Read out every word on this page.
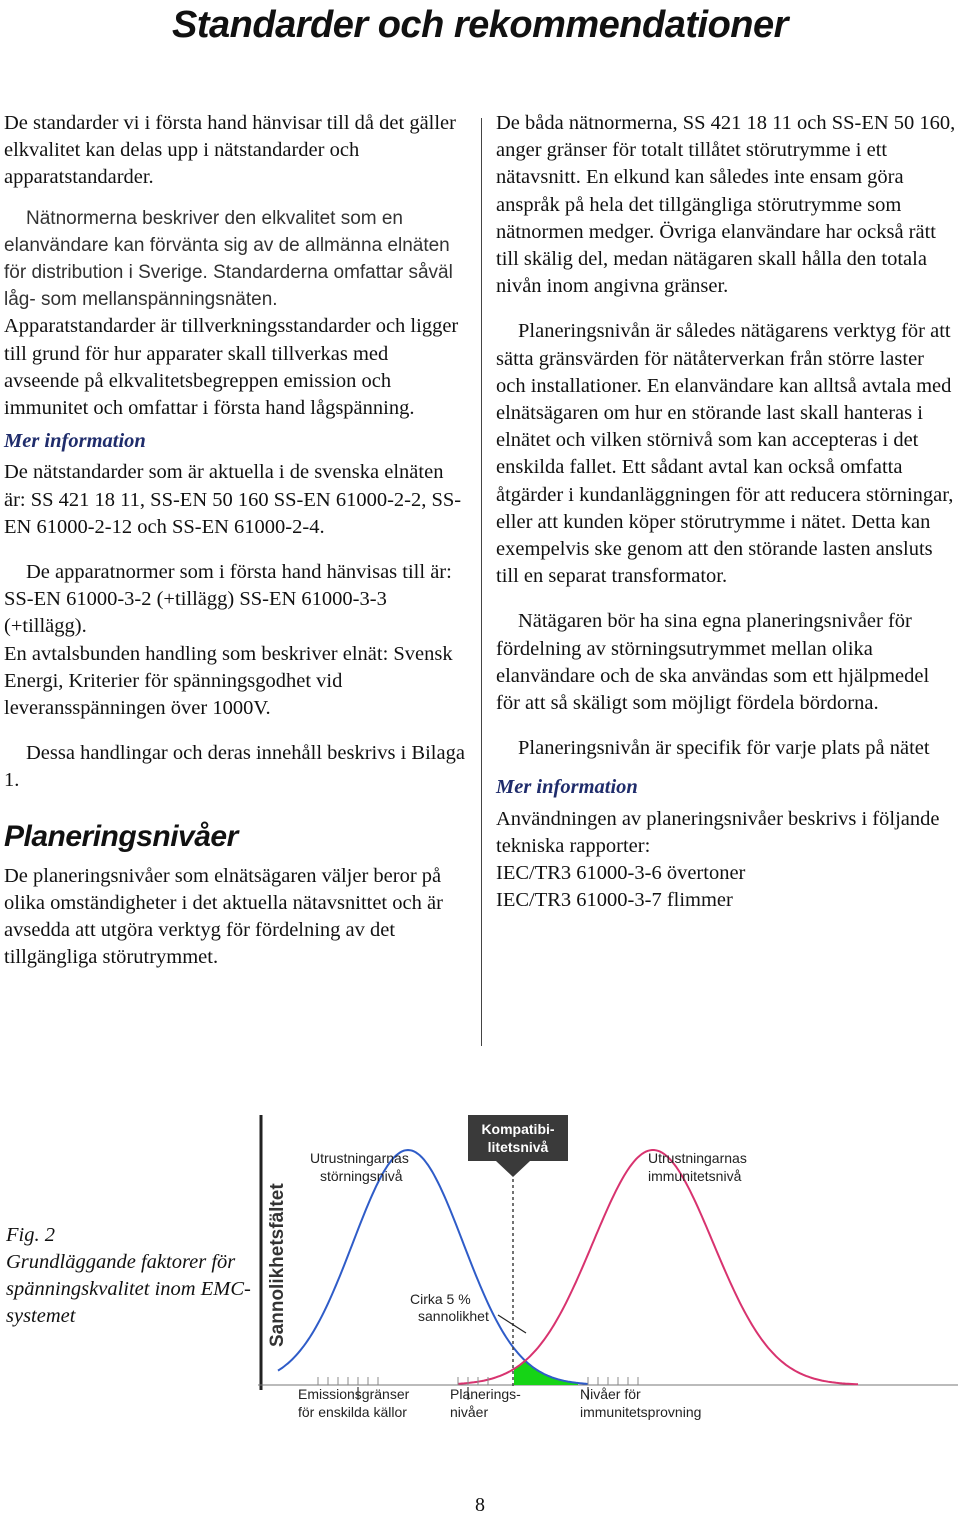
Standarder och rekommendationer

De standarder vi i första hand hänvisar till då det gäller elkvalitet kan delas upp i nätstandarder och apparatstandarder.

Nätnormerna beskriver den elkvalitet som en elanvändare kan förvänta sig av de allmänna elnäten för distribution i Sverige. Standarderna omfattar såväl låg- som mellanspänningsnäten.

Apparatstandarder är tillverkningsstandarder och ligger till grund för hur apparater skall tillverkas med avseende på elkvalitetsbegreppen emission och immunitet och omfattar i första hand lågspänning.

Mer information

De nätstandarder som är aktuella i de svenska elnäten är: SS 421 18 11, SS-EN 50 160 SS-EN 61000-2-2, SS-EN 61000-2-12 och SS-EN 61000-2-4.

De apparatnormer som i första hand hänvisas till är: SS-EN 61000-3-2 (+tillägg) SS-EN 61000-3-3 (+tillägg).

En avtalsbunden handling som beskriver elnät: Svensk Energi, Kriterier för spänningsgodhet vid leveransspänningen över 1000V.

Dessa handlingar och deras innehåll beskrivs i Bilaga 1.

Planeringsnivåer

De planeringsnivåer som elnätsägaren väljer beror på olika omständigheter i det aktuella nätavsnittet och är avsedda att utgöra verktyg för fördelning av det tillgängliga störutrymmet.

De båda nätnormerna, SS 421 18 11 och SS-EN 50 160, anger gränser för totalt tillåtet störutrymme i ett nätavsnitt. En elkund kan således inte ensam göra anspråk på hela det tillgängliga störutrymme som nätnormen medger. Övriga elanvändare har också rätt till skälig del, medan nätägaren skall hålla den totala nivån inom angivna gränser.

Planeringsnivån är således nätägarens verktyg för att sätta gränsvärden för nätåterverkan från större laster och installationer. En elanvändare kan alltså avtala med elnätsägaren om hur en störande last skall hanteras i elnätet och vilken störnivå som kan accepteras i det enskilda fallet. Ett sådant avtal kan också omfatta åtgärder i kundanläggningen för att reducera störningar, eller att kunden köper störutrymme i nätet. Detta kan exempelvis ske genom att den störande lasten ansluts till en separat transformator.

Nätägaren bör ha sina egna planeringsnivåer för fördelning av störningsutrymmet mellan olika elanvändare och de ska användas som ett hjälpmedel för att så skäligt som möjligt fördela bördorna.

Planeringsnivån är specifik för varje plats på nätet

Mer information

Användningen av planeringsnivåer beskrivs i följande tekniska rapporter:

IEC/TR3 61000-3-6 övertoner

IEC/TR3 61000-3-7 flimmer

Fig. 2
Grundläggande faktorer för spänningskvalitet inom EMC-systemet	Sannolikhetsfältet
Kompatibi-
litetsnivå
Utrustningarnas
störningsnivå
Utrustningarnas
immunitetsnivå
Cirka 5 %
sannolikhet
Emissionsgränser
för enskilda källor
Planerings-
nivåer
Nivåer för
immunitetsprovning
8
